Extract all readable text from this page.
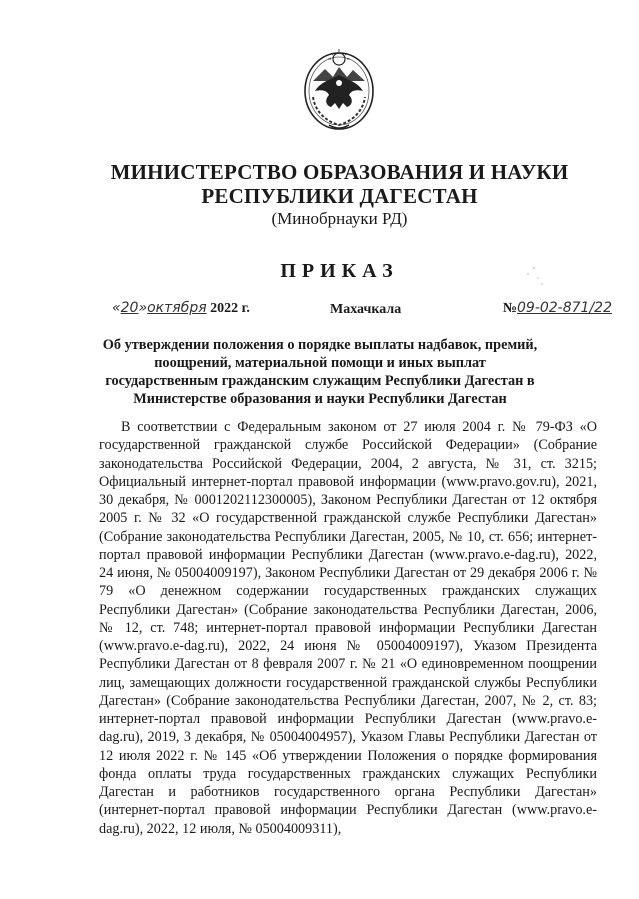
МИНИСТЕРСТВО ОБРАЗОВАНИЯ И НАУКИ
РЕСПУБЛИКИ ДАГЕСТАН
(Минобрнауки РД)
ПРИКАЗ
«20»октября 2022 г.	Махачкала	№09-02-871/22
Об утверждении положения о порядке выплаты надбавок, премий, поощрений, материальной помощи и иных выплат государственным гражданским служащим Республики Дагестан в Министерстве образования и науки Республики Дагестан
В соответствии с Федеральным законом от 27 июля 2004 г. № 79-ФЗ «О государственной гражданской службе Российской Федерации» (Собрание законодательства Российской Федерации, 2004, 2 августа, № 31, ст. 3215; Официальный интернет-портал правовой информации (www.pravo.gov.ru), 2021, 30 декабря, № 0001202112300005), Законом Республики Дагестан от 12 октября 2005 г. № 32 «О государственной гражданской службе Республики Дагестан» (Собрание законодательства Республики Дагестан, 2005, № 10, ст. 656; интернет-портал правовой информации Республики Дагестан (www.pravo.e-dag.ru), 2022, 24 июня, № 05004009197), Законом Республики Дагестан от 29 декабря 2006 г. № 79 «О денежном содержании государственных гражданских служащих Республики Дагестан» (Собрание законодательства Республики Дагестан, 2006, № 12, ст. 748; интернет-портал правовой информации Республики Дагестан (www.pravo.e-dag.ru), 2022, 24 июня № 05004009197), Указом Президента Республики Дагестан от 8 февраля 2007 г. № 21 «О единовременном поощрении лиц, замещающих должности государственной гражданской службы Республики Дагестан» (Собрание законодательства Республики Дагестан, 2007, № 2, ст. 83; интернет-портал правовой информации Республики Дагестан (www.pravo.e-dag.ru), 2019, 3 декабря, № 05004004957), Указом Главы Республики Дагестан от 12 июля 2022 г. № 145 «Об утверждении Положения о порядке формирования фонда оплаты труда государственных гражданских служащих Республики Дагестан и работников государственного органа Республики Дагестан» (интернет-портал правовой информации Республики Дагестан (www.pravo.e-dag.ru), 2022, 12 июля, № 05004009311),
